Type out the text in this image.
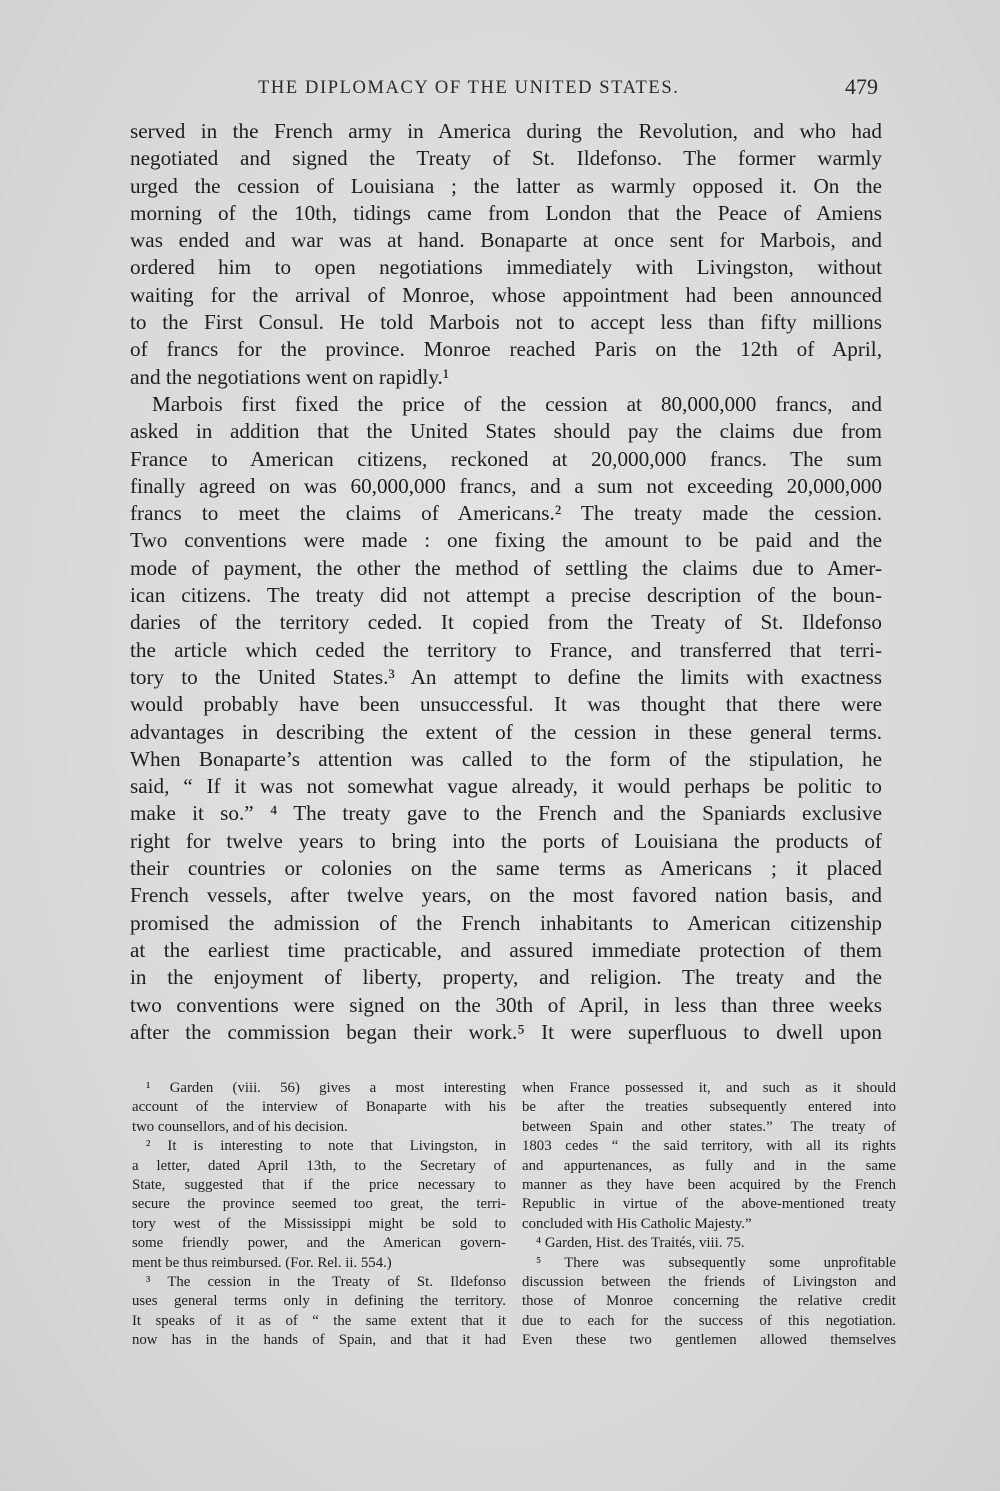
THE DIPLOMACY OF THE UNITED STATES.	479
served in the French army in America during the Revolution, and who had
negotiated and signed the Treaty of St. Ildefonso. The former warmly
urged the cession of Louisiana ; the latter as warmly opposed it. On the
morning of the 10th, tidings came from London that the Peace of Amiens
was ended and war was at hand. Bonaparte at once sent for Marbois, and
ordered him to open negotiations immediately with Livingston, without
waiting for the arrival of Monroe, whose appointment had been announced
to the First Consul. He told Marbois not to accept less than fifty millions
of francs for the province. Monroe reached Paris on the 12th of April,
and the negotiations went on rapidly.¹
Marbois first fixed the price of the cession at 80,000,000 francs, and
asked in addition that the United States should pay the claims due from
France to American citizens, reckoned at 20,000,000 francs. The sum
finally agreed on was 60,000,000 francs, and a sum not exceeding 20,000,000
francs to meet the claims of Americans.² The treaty made the cession.
Two conventions were made : one fixing the amount to be paid and the
mode of payment, the other the method of settling the claims due to Amer-
ican citizens. The treaty did not attempt a precise description of the boun-
daries of the territory ceded. It copied from the Treaty of St. Ildefonso
the article which ceded the territory to France, and transferred that terri-
tory to the United States.³ An attempt to define the limits with exactness
would probably have been unsuccessful. It was thought that there were
advantages in describing the extent of the cession in these general terms.
When Bonaparte’s attention was called to the form of the stipulation, he
said, “ If it was not somewhat vague already, it would perhaps be politic to
make it so.” ⁴ The treaty gave to the French and the Spaniards exclusive
right for twelve years to bring into the ports of Louisiana the products of
their countries or colonies on the same terms as Americans ; it placed
French vessels, after twelve years, on the most favored nation basis, and
promised the admission of the French inhabitants to American citizenship
at the earliest time practicable, and assured immediate protection of them
in the enjoyment of liberty, property, and religion. The treaty and the
two conventions were signed on the 30th of April, in less than three weeks
after the commission began their work.⁵ It were superfluous to dwell upon
¹ Garden (viii. 56) gives a most interesting
account of the interview of Bonaparte with his
two counsellors, and of his decision.
² It is interesting to note that Livingston, in
a letter, dated April 13th, to the Secretary of
State, suggested that if the price necessary to
secure the province seemed too great, the terri-
tory west of the Mississippi might be sold to
some friendly power, and the American govern-
ment be thus reimbursed. (For. Rel. ii. 554.)
³ The cession in the Treaty of St. Ildefonso
uses general terms only in defining the territory.
It speaks of it as of “ the same extent that it
now has in the hands of Spain, and that it had
when France possessed it, and such as it should
be after the treaties subsequently entered into
between Spain and other states.” The treaty of
1803 cedes “ the said territory, with all its rights
and appurtenances, as fully and in the same
manner as they have been acquired by the French
Republic in virtue of the above-mentioned treaty
concluded with His Catholic Majesty.”
⁴ Garden, Hist. des Traités, viii. 75.
⁵ There was subsequently some unprofitable
discussion between the friends of Livingston and
those of Monroe concerning the relative credit
due to each for the success of this negotiation.
Even these two gentlemen allowed themselves
